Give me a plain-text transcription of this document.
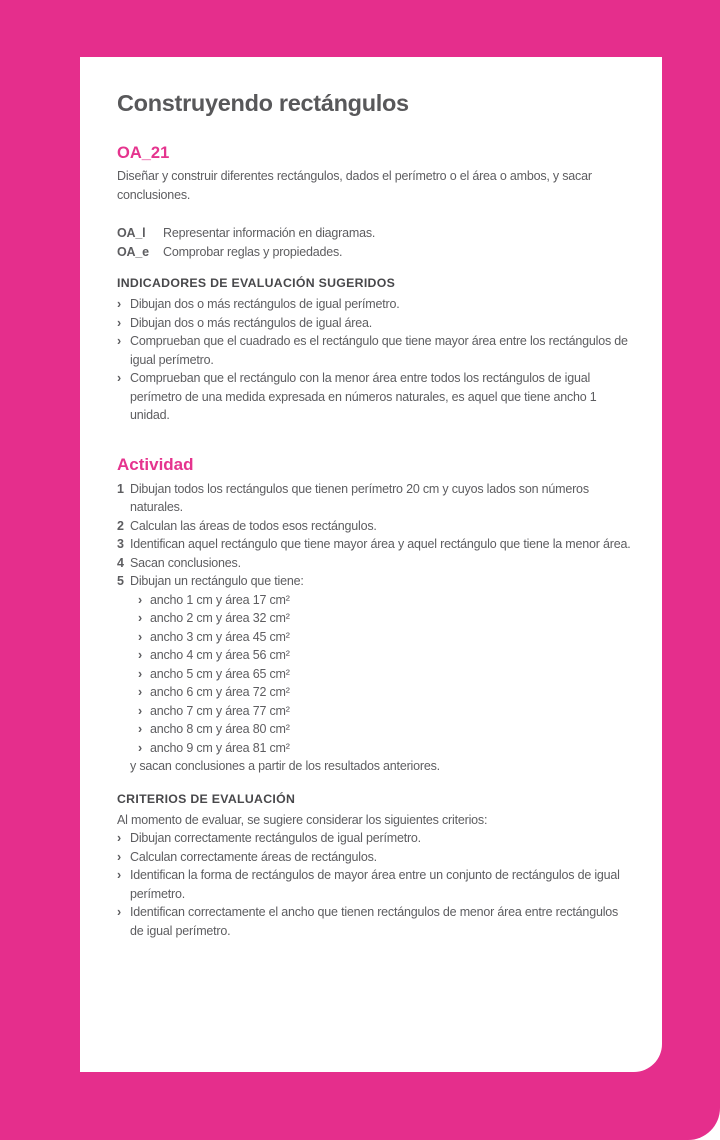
Construyendo rectángulos
OA_21

Diseñar y construir diferentes rectángulos, dados el perímetro o el área o ambos, y sacar conclusiones.

OA_l	Representar información en diagramas.
OA_e	Comprobar reglas y propiedades.
INDICADORES DE EVALUACIÓN SUGERIDOS
› Dibujan dos o más rectángulos de igual perímetro.
› Dibujan dos o más rectángulos de igual área.
› Comprueban que el cuadrado es el rectángulo que tiene mayor área entre los rectángulos de igual perímetro.
› Comprueban que el rectángulo con la menor área entre todos los rectángulos de igual perímetro de una medida expresada en números naturales, es aquel que tiene ancho 1 unidad.
Actividad
1 Dibujan todos los rectángulos que tienen perímetro 20 cm y cuyos lados son números naturales.
2 Calculan las áreas de todos esos rectángulos.
3 Identifican aquel rectángulo que tiene mayor área y aquel rectángulo que tiene la menor área.
4 Sacan conclusiones.
5 Dibujan un rectángulo que tiene:
› ancho 1 cm y área 17 cm²
› ancho 2 cm y área 32 cm²
› ancho 3 cm y área 45 cm²
› ancho 4 cm y área 56 cm²
› ancho 5 cm y área 65 cm²
› ancho 6 cm y área 72 cm²
› ancho 7 cm y área 77 cm²
› ancho 8 cm y área 80 cm²
› ancho 9 cm y área 81 cm²

y sacan conclusiones a partir de los resultados anteriores.

CRITERIOS DE EVALUACIÓN

Al momento de evaluar, se sugiere considerar los siguientes criterios:

› Dibujan correctamente rectángulos de igual perímetro.
› Calculan correctamente áreas de rectángulos.
› Identifican la forma de rectángulos de mayor área entre un conjunto de rectángulos de igual perímetro.
› Identifican correctamente el ancho que tienen rectángulos de menor área entre rectángulos de igual perímetro.
